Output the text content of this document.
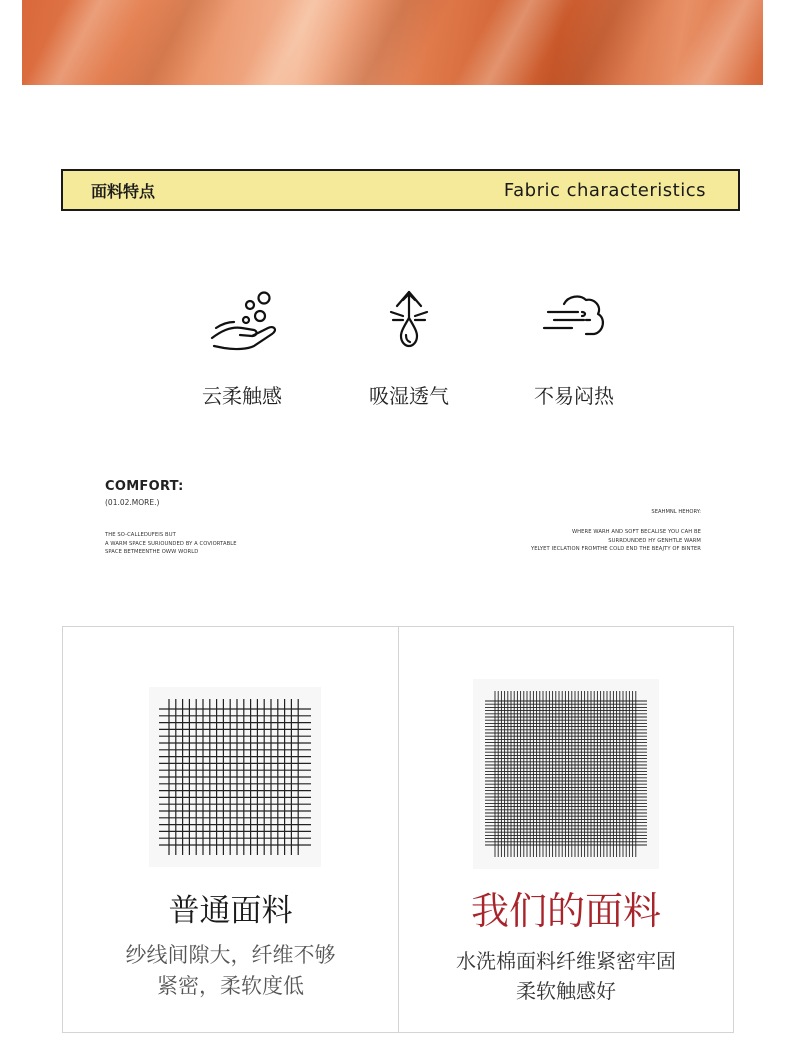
面料特点	Fabric characteristics
云柔触感	吸湿透气	不易闷热
COMFORT:
(01.02.MORE.)
THE SO-CALLEDUFEIS BUT
A WARM SPACE SURIOUNDED BY A COVIORTABLE
SPACE BETMEENTHE OWW WORLD
SEAHMNL HEHORY:
WHERE WARH AND SOFT BECALISE YOU CAH BE
SURRDUNDED HY GENHTLE WARM
YELYET IECLATION FROMTHE COLD END THE BEAJTY OF BINTER
普通面料
纱线间隙大，纤维不够
紧密，柔软度低
我们的面料
水洗棉面料纤维紧密牢固
柔软触感好
